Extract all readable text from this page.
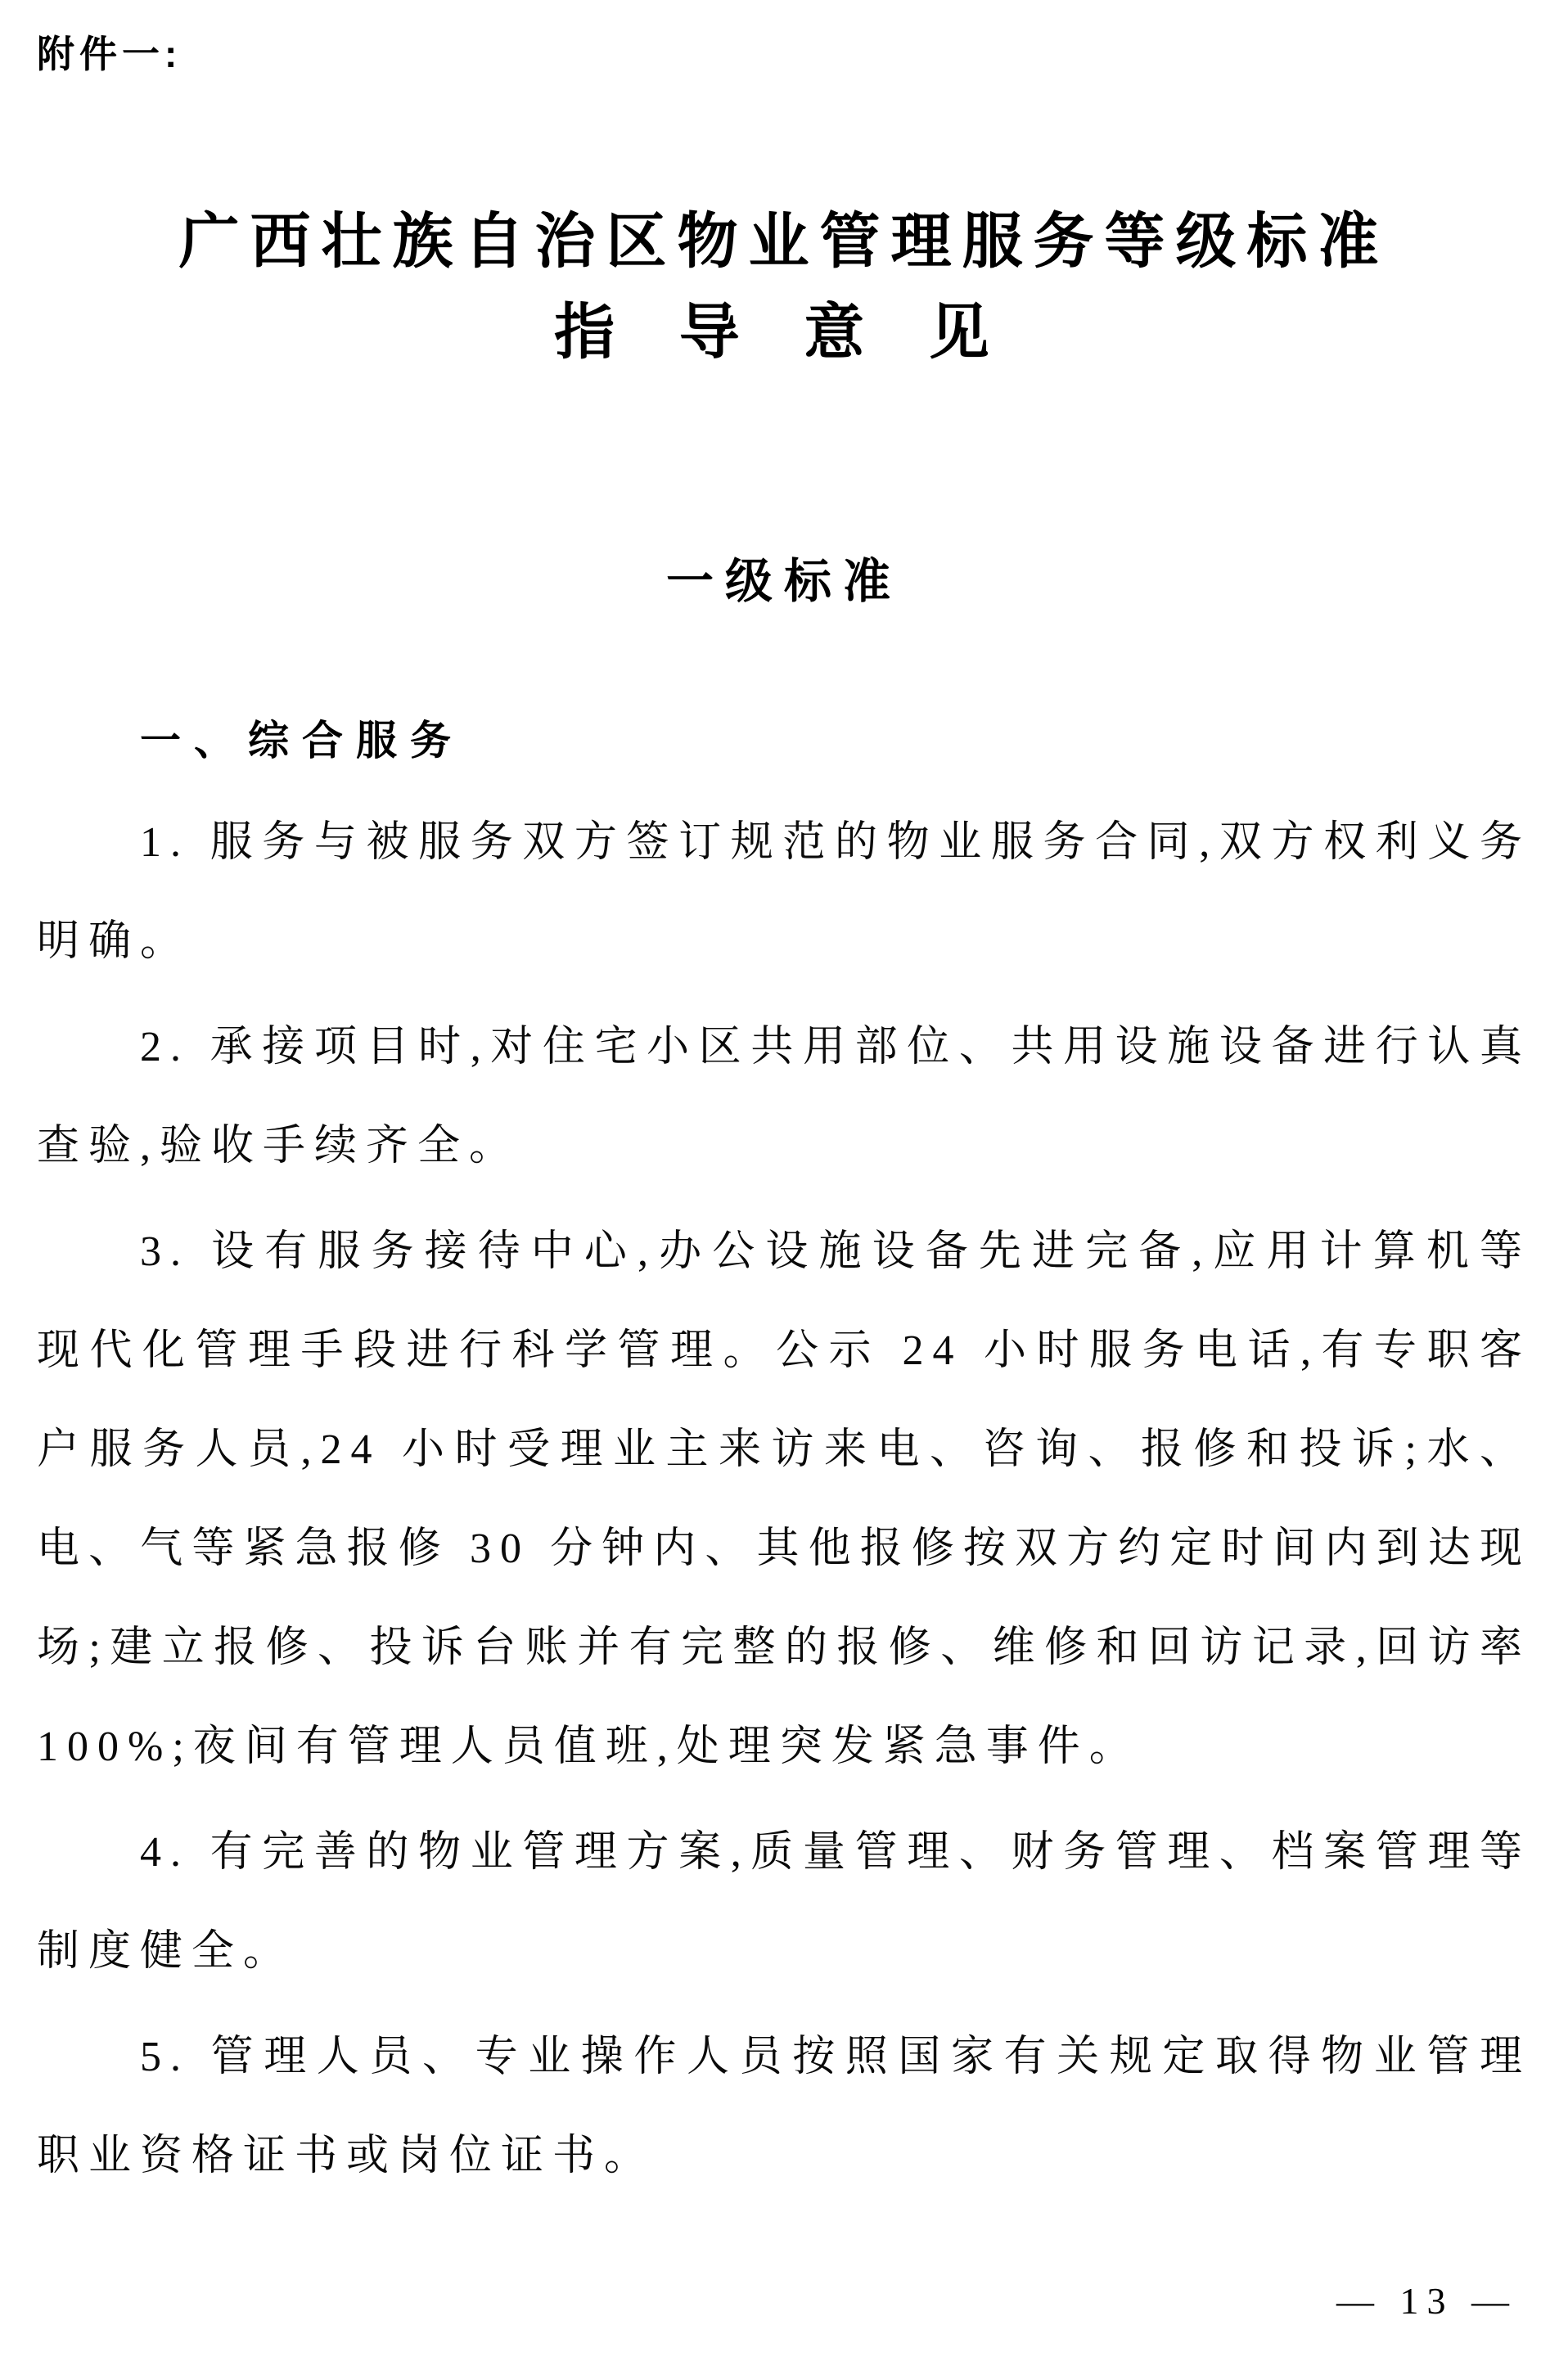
附件一:
广西壮族自治区物业管理服务等级标准
指 导 意 见
一级标准
一、综合服务

1. 服务与被服务双方签订规范的物业服务合同,双方权利义务明确。

2. 承接项目时,对住宅小区共用部位、共用设施设备进行认真查验,验收手续齐全。

3. 设有服务接待中心,办公设施设备先进完备,应用计算机等现代化管理手段进行科学管理。公示 24 小时服务电话,有专职客户服务人员,24 小时受理业主来访来电、咨询、报修和投诉;水、电、气等紧急报修 30 分钟内、其他报修按双方约定时间内到达现场;建立报修、投诉台账并有完整的报修、维修和回访记录,回访率 100%;夜间有管理人员值班,处理突发紧急事件。

4. 有完善的物业管理方案,质量管理、财务管理、档案管理等制度健全。

5. 管理人员、专业操作人员按照国家有关规定取得物业管理职业资格证书或岗位证书。

— 13 —
